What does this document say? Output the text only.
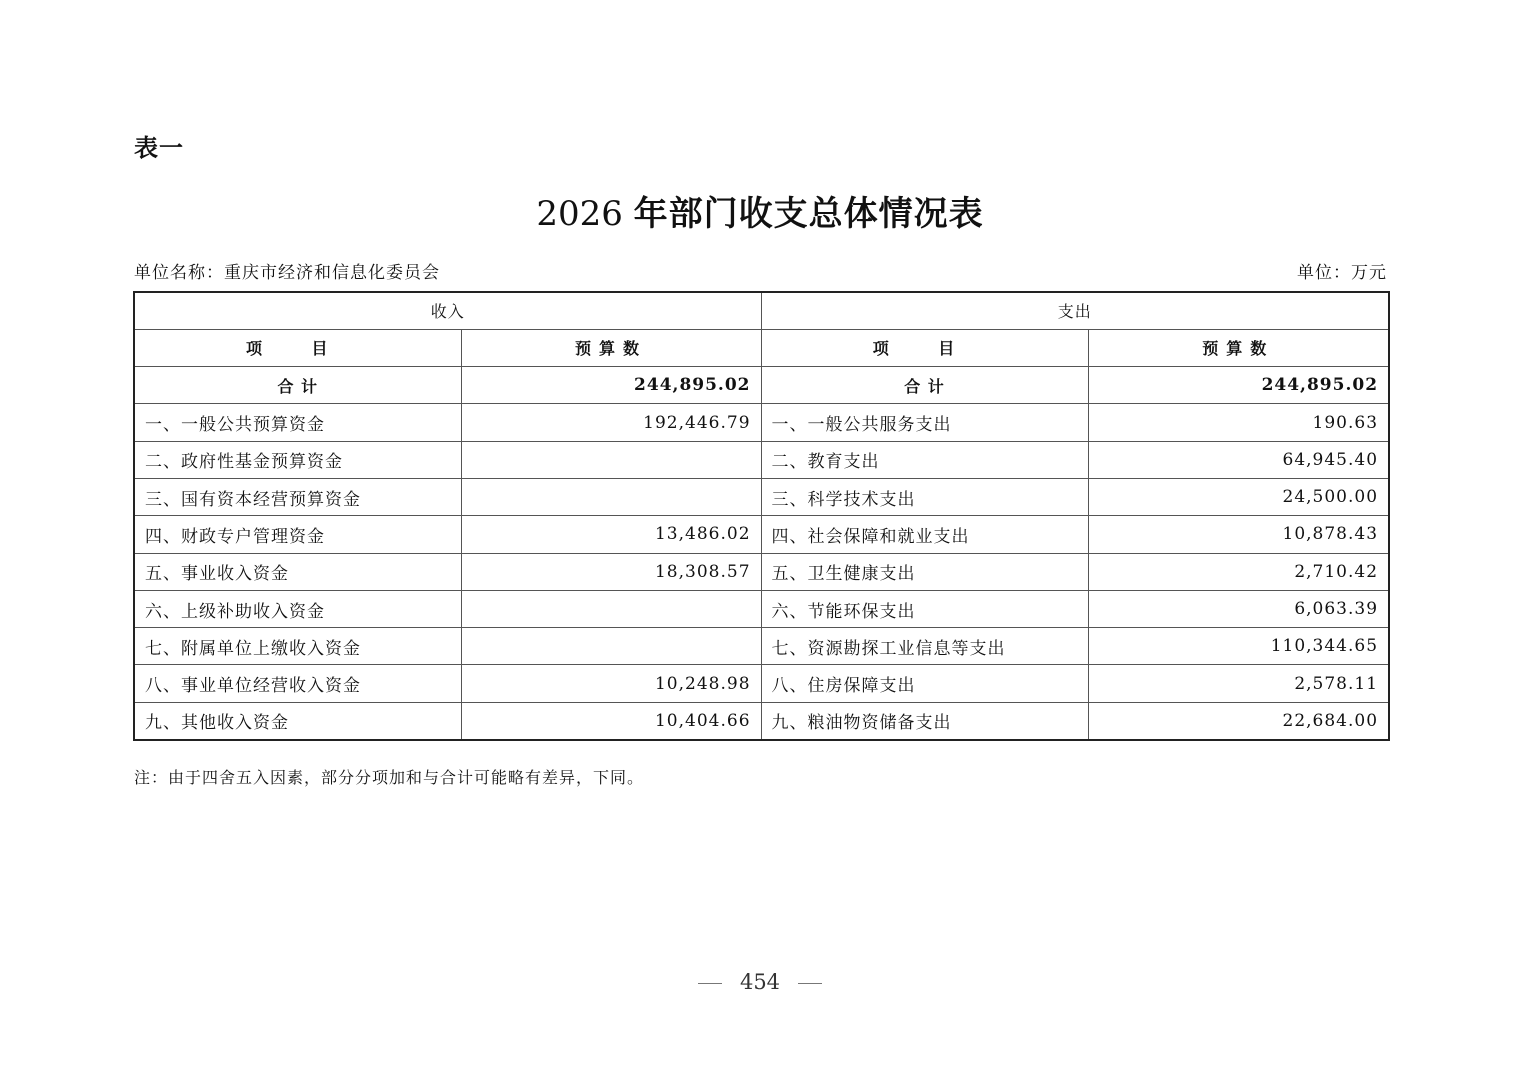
表一
2026 年部门收支总体情况表
单位名称：重庆市经济和信息化委员会	单位：万元
收入		支出	
项 目	预算数	项 目	预算数
合 计	244,895.02	合 计	244,895.02
一、一般公共预算资金	192,446.79	一、一般公共服务支出	190.63
二、政府性基金预算资金		二、教育支出	64,945.40
三、国有资本经营预算资金		三、科学技术支出	24,500.00
四、财政专户管理资金	13,486.02	四、社会保障和就业支出	10,878.43
五、事业收入资金	18,308.57	五、卫生健康支出	2,710.42
六、上级补助收入资金		六、节能环保支出	6,063.39
七、附属单位上缴收入资金		七、资源勘探工业信息等支出	110,344.65
八、事业单位经营收入资金	10,248.98	八、住房保障支出	2,578.11
九、其他收入资金	10,404.66	九、粮油物资储备支出	22,684.00
注：由于四舍五入因素，部分分项加和与合计可能略有差异，下同。
454
